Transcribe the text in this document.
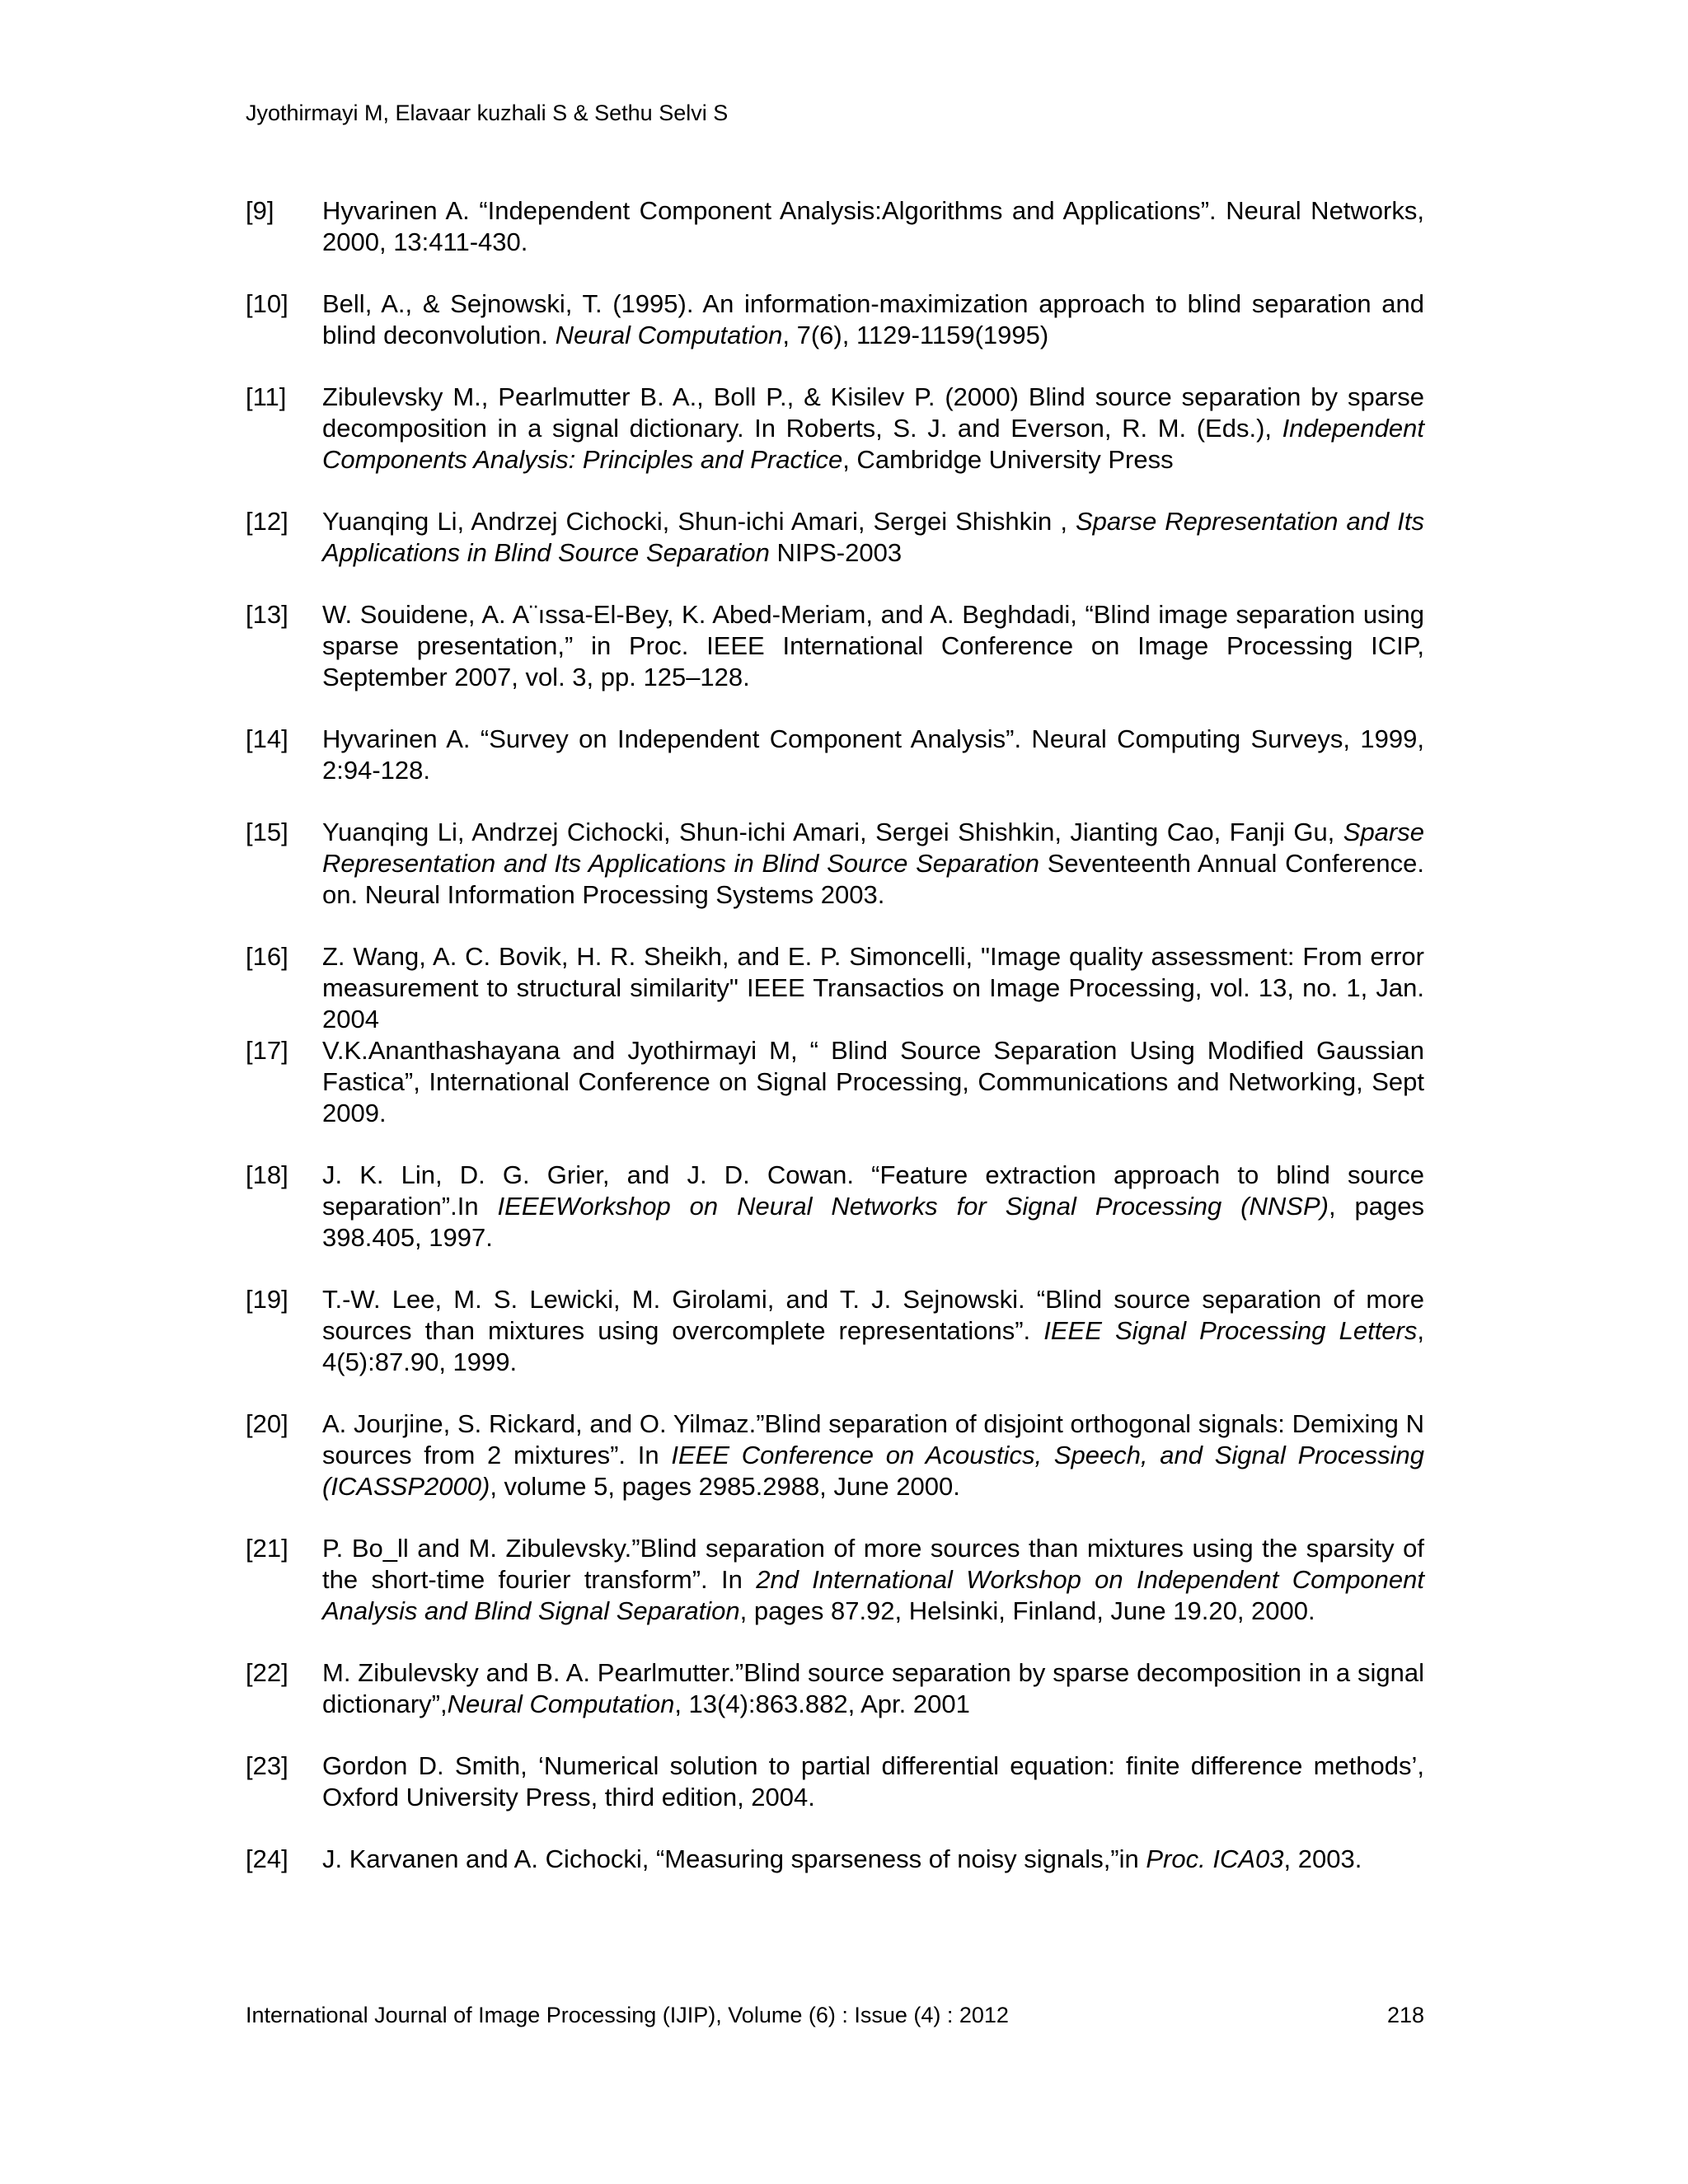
Jyothirmayi M, Elavaar kuzhali S & Sethu Selvi S
[9]	Hyvarinen A. “Independent Component Analysis:Algorithms and Applications”. Neural Networks, 2000, 13:411-430.
[10]	Bell, A., & Sejnowski, T. (1995). An information-maximization approach to blind separation and blind deconvolution. Neural Computation, 7(6), 1129-1159(1995)
[11]	Zibulevsky M., Pearlmutter B. A., Boll P., & Kisilev P. (2000) Blind source separation by sparse decomposition in a signal dictionary. In Roberts, S. J. and Everson, R. M. (Eds.), Independent Components Analysis: Principles and Practice, Cambridge University Press
[12]	Yuanqing Li, Andrzej Cichocki, Shun-ichi Amari, Sergei Shishkin , Sparse Representation and Its Applications in Blind Source Separation NIPS-2003
[13]	W. Souidene, A. A¨ıssa-El-Bey, K. Abed-Meriam, and A. Beghdadi, “Blind image separation using sparse presentation,” in Proc. IEEE International Conference on Image Processing ICIP, September 2007, vol. 3, pp. 125–128.
[14]	Hyvarinen A. “Survey on Independent Component Analysis”. Neural Computing Surveys, 1999, 2:94-128.
[15]	Yuanqing Li, Andrzej Cichocki, Shun-ichi Amari, Sergei Shishkin, Jianting Cao, Fanji Gu, Sparse Representation and Its Applications in Blind Source Separation Seventeenth Annual Conference. on. Neural Information Processing Systems 2003.
[16]	Z. Wang, A. C. Bovik, H. R. Sheikh, and E. P. Simoncelli, "Image quality assessment: From error measurement to structural similarity" IEEE Transactios on Image Processing, vol. 13, no. 1, Jan. 2004
[17]	V.K.Ananthashayana and Jyothirmayi M, “ Blind Source Separation Using Modified Gaussian Fastica”, International Conference on Signal Processing, Communications and Networking, Sept 2009.
[18]	J. K. Lin, D. G. Grier, and J. D. Cowan. “Feature extraction approach to blind source separation”.In IEEEWorkshop on Neural Networks for Signal Processing (NNSP), pages 398.405, 1997.
[19]	T.-W. Lee, M. S. Lewicki, M. Girolami, and T. J. Sejnowski. “Blind source separation of more sources than mixtures using overcomplete representations”. IEEE Signal Processing Letters, 4(5):87.90, 1999.
[20]	A. Jourjine, S. Rickard, and O. Yilmaz.”Blind separation of disjoint orthogonal signals: Demixing N sources from 2 mixtures”. In IEEE Conference on Acoustics, Speech, and Signal Processing (ICASSP2000), volume 5, pages 2985.2988, June 2000.
[21]	P. Bo_ll and M. Zibulevsky.”Blind separation of more sources than mixtures using the sparsity of the short-time fourier transform”. In 2nd International Workshop on Independent Component Analysis and Blind Signal Separation, pages 87.92, Helsinki, Finland, June 19.20, 2000.
[22]	M. Zibulevsky and B. A. Pearlmutter.”Blind source separation by sparse decomposition in a signal dictionary”,Neural Computation, 13(4):863.882, Apr. 2001
[23]	Gordon D. Smith, ‘Numerical solution to partial differential equation: finite difference methods’, Oxford University Press, third edition, 2004.
[24]	J. Karvanen and A. Cichocki, “Measuring sparseness of noisy signals,”in Proc. ICA03, 2003.
International Journal of Image Processing (IJIP), Volume (6) : Issue (4) : 2012	218
